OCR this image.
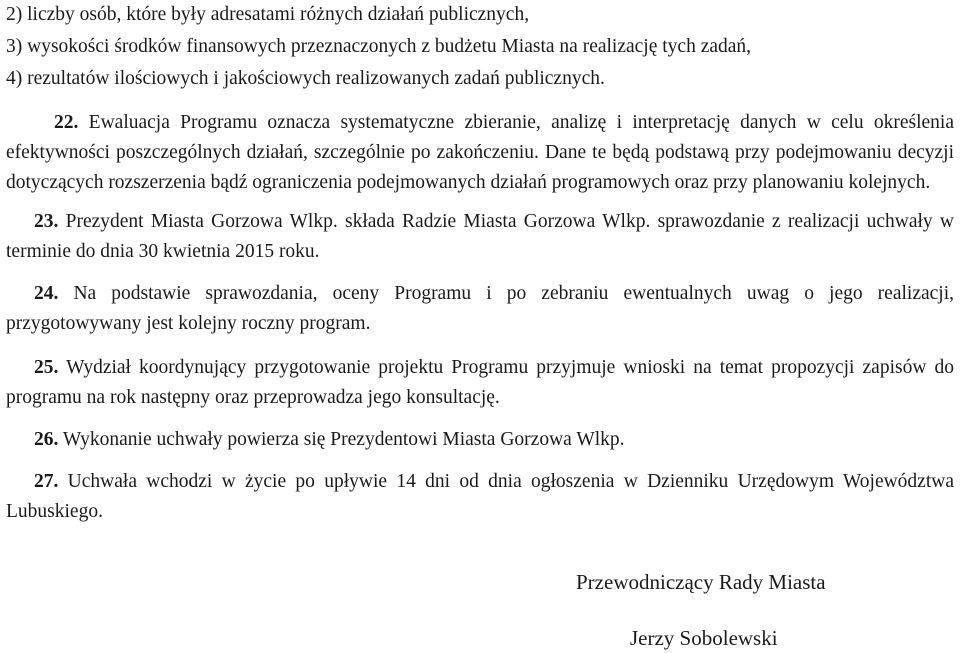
2) liczby osób, które były adresatami różnych działań publicznych,

3) wysokości środków finansowych przeznaczonych z budżetu Miasta na realizację tych zadań,

4) rezultatów ilościowych i jakościowych realizowanych zadań publicznych.

22. Ewaluacja Programu oznacza systematyczne zbieranie, analizę i interpretację danych w celu określenia efektywności poszczególnych działań, szczególnie po zakończeniu. Dane te będą podstawą przy podejmowaniu decyzji dotyczących rozszerzenia bądź ograniczenia podejmowanych działań programowych oraz przy planowaniu kolejnych.

23. Prezydent Miasta Gorzowa Wlkp. składa Radzie Miasta Gorzowa Wlkp. sprawozdanie z realizacji uchwały w terminie do dnia 30 kwietnia 2015 roku.

24. Na podstawie sprawozdania, oceny Programu i po zebraniu ewentualnych uwag o jego realizacji, przygotowywany jest kolejny roczny program.

25. Wydział koordynujący przygotowanie projektu Programu przyjmuje wnioski na temat propozycji zapisów do programu na rok następny oraz przeprowadza jego konsultację.

26. Wykonanie uchwały powierza się Prezydentowi Miasta Gorzowa Wlkp.

27. Uchwała wchodzi w życie po upływie 14 dni od dnia ogłoszenia w Dzienniku Urzędowym Województwa Lubuskiego.

Przewodniczący Rady Miasta
Jerzy Sobolewski
